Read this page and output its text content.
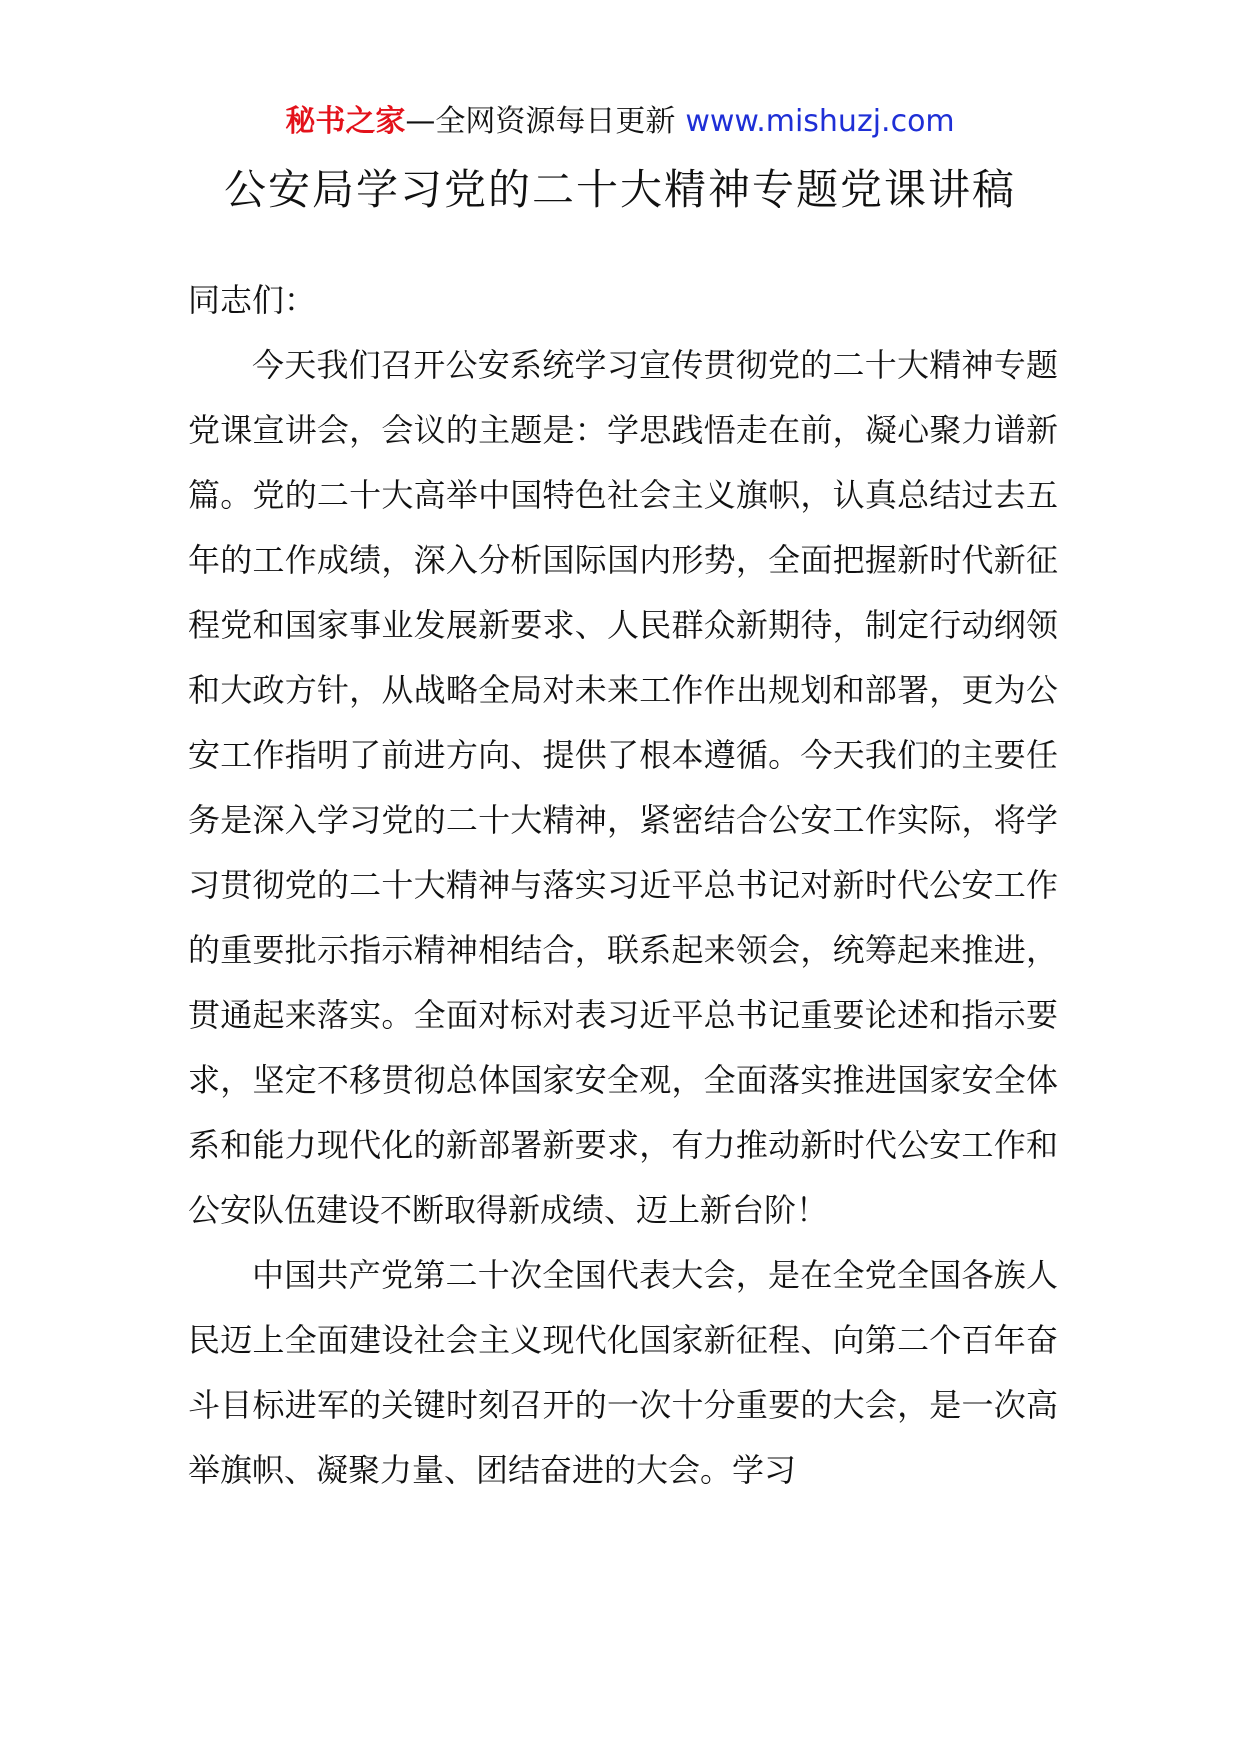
秘书之家—全网资源每日更新 www.mishuzj.com
公安局学习党的二十大精神专题党课讲稿

同志们：

今天我们召开公安系统学习宣传贯彻党的二十大精神专题党课宣讲会，会议的主题是：学思践悟走在前，凝心聚力谱新篇。党的二十大高举中国特色社会主义旗帜，认真总结过去五年的工作成绩，深入分析国际国内形势，全面把握新时代新征程党和国家事业发展新要求、人民群众新期待，制定行动纲领和大政方针，从战略全局对未来工作作出规划和部署，更为公安工作指明了前进方向、提供了根本遵循。今天我们的主要任务是深入学习党的二十大精神，紧密结合公安工作实际，将学习贯彻党的二十大精神与落实习近平总书记对新时代公安工作的重要批示指示精神相结合，联系起来领会，统筹起来推进，贯通起来落实。全面对标对表习近平总书记重要论述和指示要求，坚定不移贯彻总体国家安全观，全面落实推进国家安全体系和能力现代化的新部署新要求，有力推动新时代公安工作和公安队伍建设不断取得新成绩、迈上新台阶！

中国共产党第二十次全国代表大会，是在全党全国各族人民迈上全面建设社会主义现代化国家新征程、向第二个百年奋斗目标进军的关键时刻召开的一次十分重要的大会，是一次高举旗帜、凝聚力量、团结奋进的大会。学习
